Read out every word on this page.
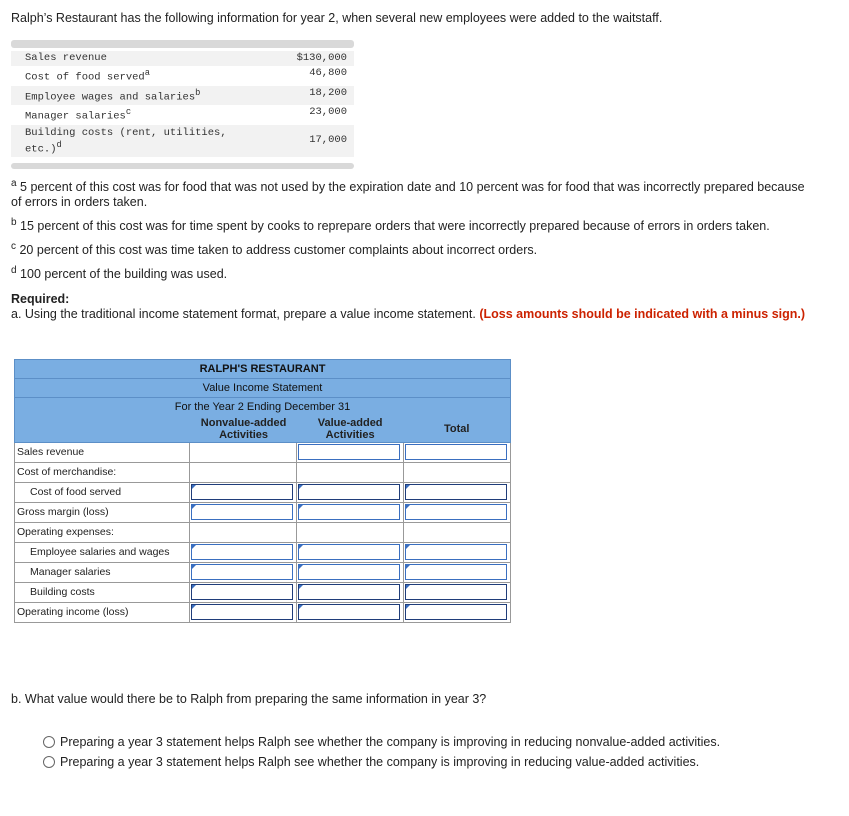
Ralph’s Restaurant has the following information for year 2, when several new employees were added to the waitstaff.
Sales revenue	$130,000
Cost of food served$^a$	46,800
Employee wages and salaries$^b$	18,200
Manager salaries$^c$	23,000
Building costs (rent, utilities,
etc.)$^d$	17,000
$^a$ 5 percent of this cost was for food that was not used by the expiration date and 10 percent was for food that was incorrectly prepared because of errors in orders taken.
$^b$ 15 percent of this cost was for time spent by cooks to reprepare orders that were incorrectly prepared because of errors in orders taken.
$^c$ 20 percent of this cost was time taken to address customer complaints about incorrect orders.
$^d$ 100 percent of the building was used.
Required:
a. Using the traditional income statement format, prepare a value income statement. (Loss amounts should be indicated with a minus sign.)
RALPH'S RESTAURANT
Value Income Statement
For the Year 2 Ending December 31
Nonvalue-added Activities
Value-added Activities	Total
Sales revenue
Cost of merchandise:
Cost of food served
Gross margin (loss)
Operating expenses:
Employee salaries and wages
Manager salaries
Building costs
Operating income (loss)
b. What value would there be to Ralph from preparing the same information in year 3?
Preparing a year 3 statement helps Ralph see whether the company is improving in reducing nonvalue-added activities.
Preparing a year 3 statement helps Ralph see whether the company is improving in reducing value-added activities.
